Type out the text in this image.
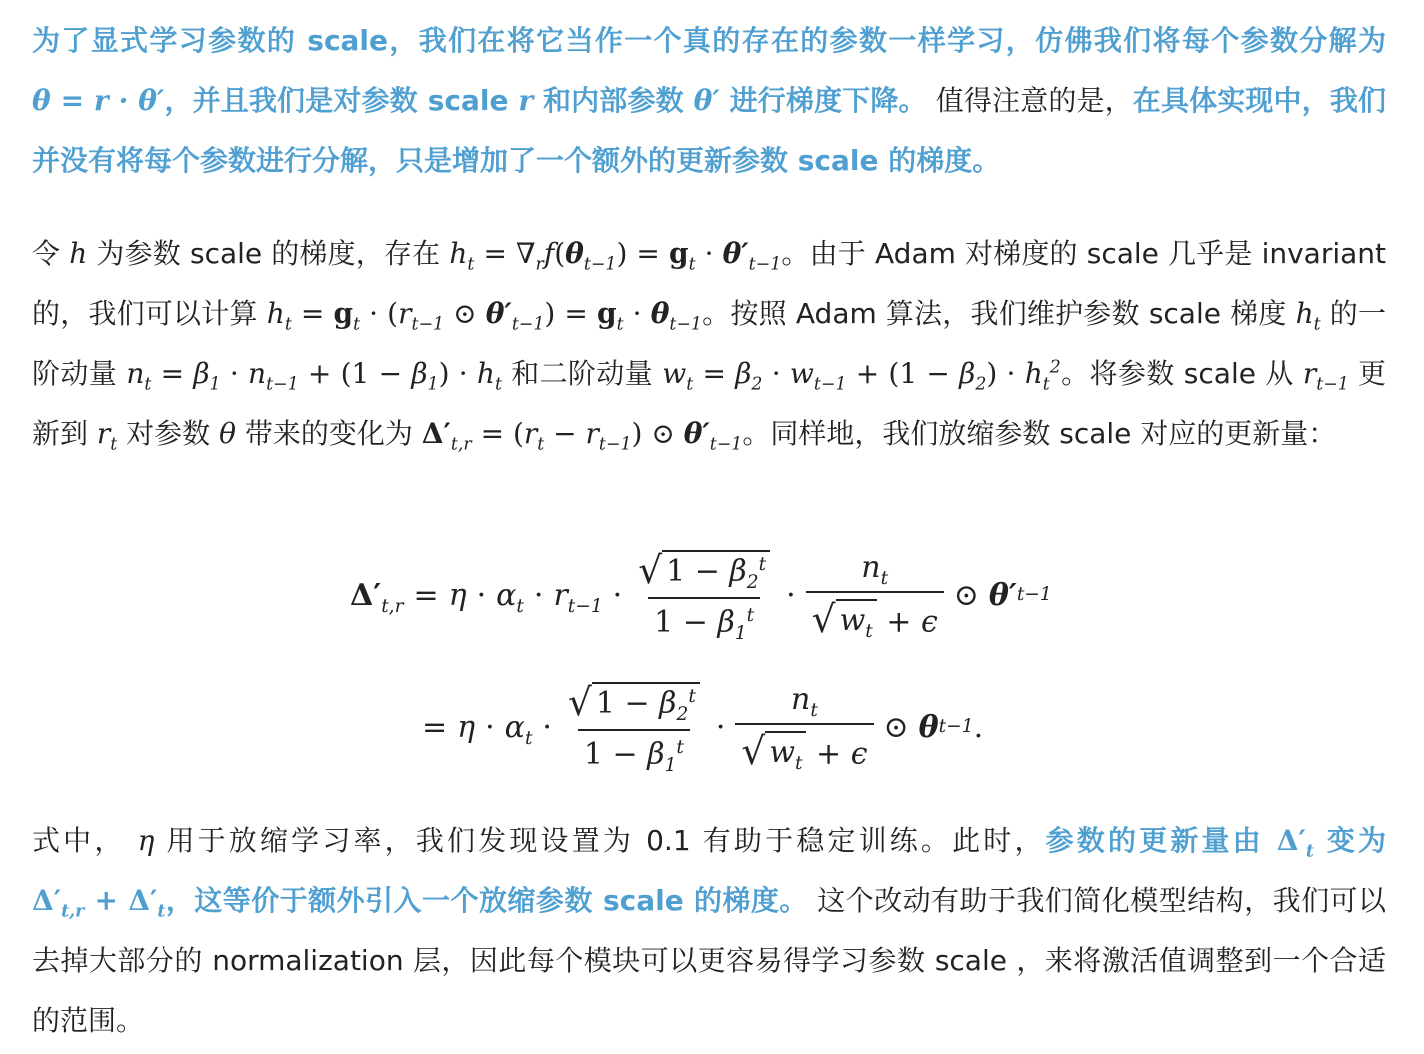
为了显式学习参数的 scale，我们在将它当作一个真的存在的参数一样学习，仿佛我们将每个参数分解为 θ = r · θ′，并且我们是对参数 scale r 和内部参数 θ′ 进行梯度下降。 值得注意的是，在具体实现中，我们并没有将每个参数进行分解，只是增加了一个额外的更新参数 scale 的梯度。

令 h 为参数 scale 的梯度，存在 $h_t = \nabla_rf(\theta_{t-1}) = g_t \cdot \theta'_{t-1}$。由于 Adam 对梯度的 scale 几乎是 invariant 的，我们可以计算 $h_t = g_t \cdot (r_{t-1}$ ⊙ $\theta'_{t-1}) = g_t \cdot \theta_{t-1}$。按照 Adam 算法，我们维护参数 scale 梯度 $h_t$ 的一阶动量 $n_t = \beta_1 \cdot n_{t-1} + (1 - \beta_1) \cdot h_t$ 和二阶动量 $w_t = \beta_2 \cdot w_{t-1} + (1 - \beta_2) \cdot h_t^2$。将参数 scale 从 $r_{t-1}$ 更新到 $r_t$ 对参数 θ 带来的变化为 $\Delta'_{t,r} = (r_t - r_{t-1})$ ⊙ $\theta'_{t-1}$。同样地，我们放缩参数 scale 对应的更新量：

$\Delta'_{t,r} = \eta \cdot \alpha_t \cdot r_{t-1} \cdot \frac{√ 1 - \beta_2^t}{1 - \beta_1^t} \cdot \frac{n_t}{√ w_t + \epsilon}$ ⊙ θ′ t−1
= $\eta \cdot \alpha_t \cdot \frac{√ 1 - \beta_2^t}{1 - \beta_1^t} \cdot \frac{n_t}{√ w_t + \epsilon}$ ⊙ θ t−1 .

式中， η 用于放缩学习率，我们发现设置为 0.1 有助于稳定训练。此时，参数的更新量由 $\Delta'_t$ 变为 $\Delta'_{t,r} + \Delta'_t$，这等价于额外引入一个放缩参数 scale 的梯度。 这个改动有助于我们简化模型结构，我们可以去掉大部分的 normalization 层，因此每个模块可以更容易得学习参数 scale ，来将激活值调整到一个合适的范围。
